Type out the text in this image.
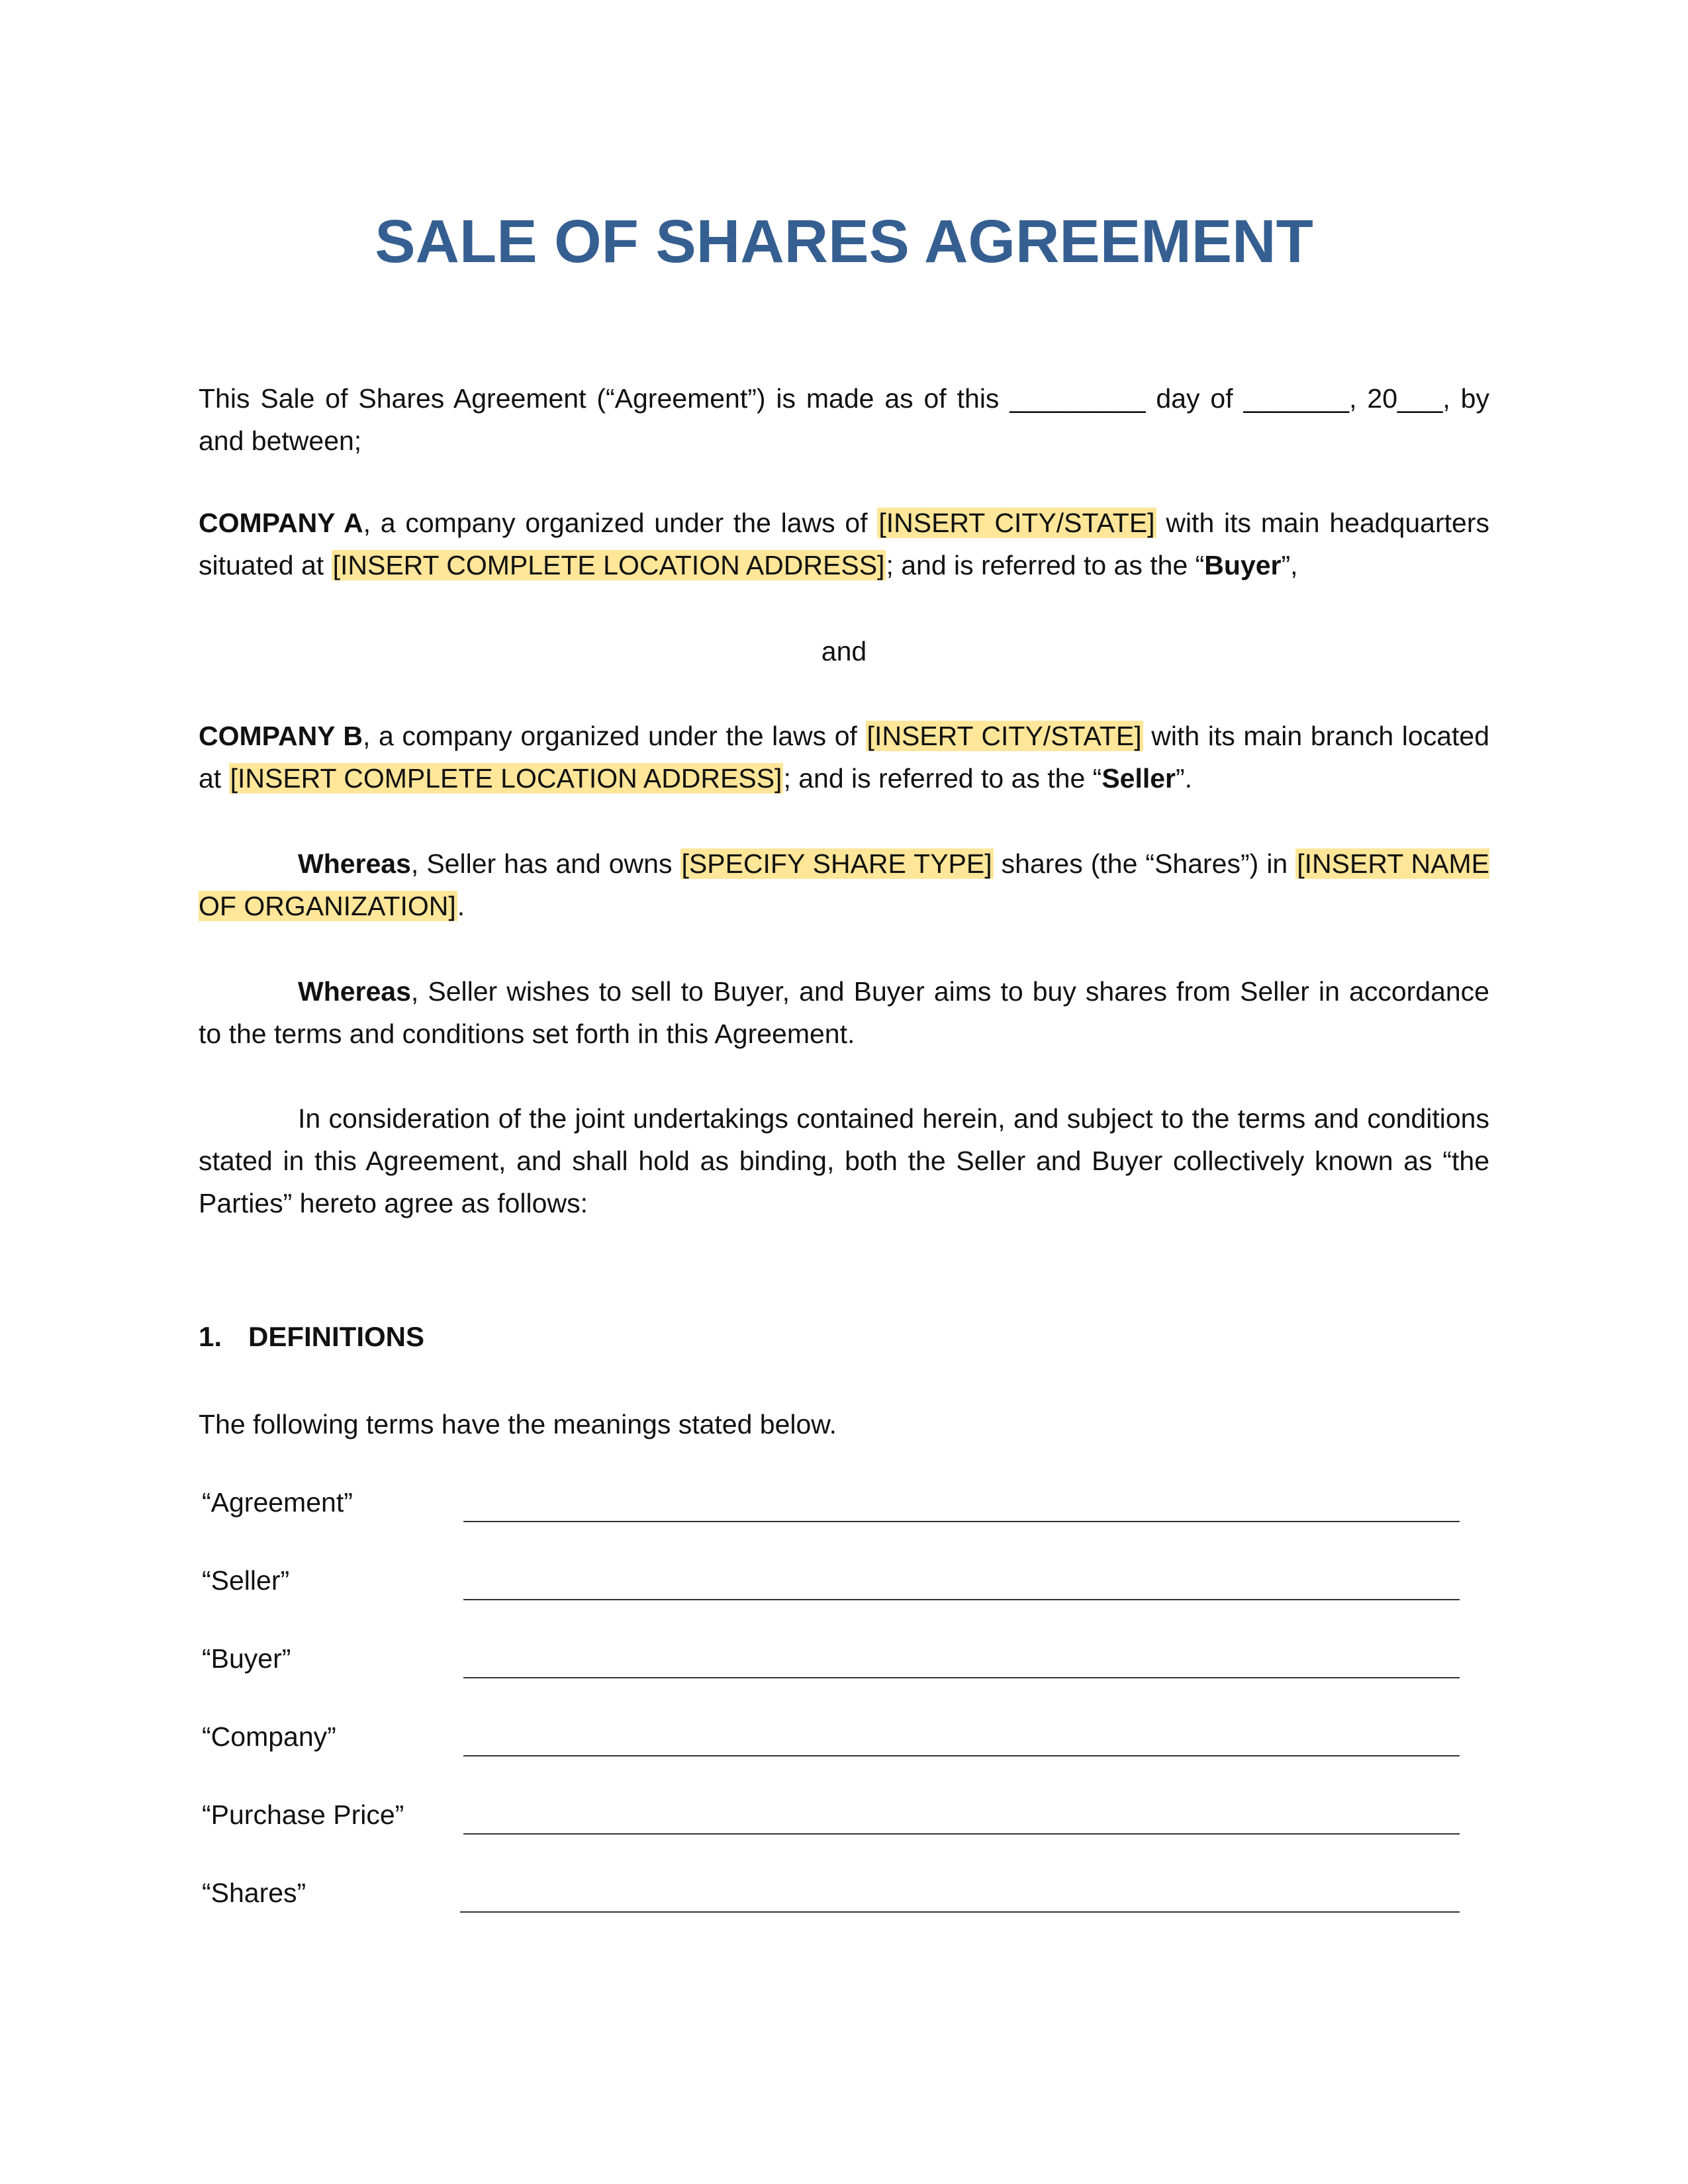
SALE OF SHARES AGREEMENT

This Sale of Shares Agreement (“Agreement”) is made as of this _________ day of _______, 20___, by and between;

COMPANY A, a company organized under the laws of [INSERT CITY/STATE] with its main headquarters situated at [INSERT COMPLETE LOCATION ADDRESS]; and is referred to as the “Buyer”,

and

COMPANY B, a company organized under the laws of [INSERT CITY/STATE] with its main branch located at [INSERT COMPLETE LOCATION ADDRESS]; and is referred to as the “Seller”.

Whereas, Seller has and owns [SPECIFY SHARE TYPE] shares (the “Shares”) in [INSERT NAME OF ORGANIZATION].

Whereas, Seller wishes to sell to Buyer, and Buyer aims to buy shares from Seller in accordance to the terms and conditions set forth in this Agreement.

In consideration of the joint undertakings contained herein, and subject to the terms and conditions stated in this Agreement, and shall hold as binding, both the Seller and Buyer collectively known as “the Parties” hereto agree as follows:

1. DEFINITIONS

The following terms have the meanings stated below.

“Agreement”
“Seller”
“Buyer”
“Company”
“Purchase Price”
“Shares”
